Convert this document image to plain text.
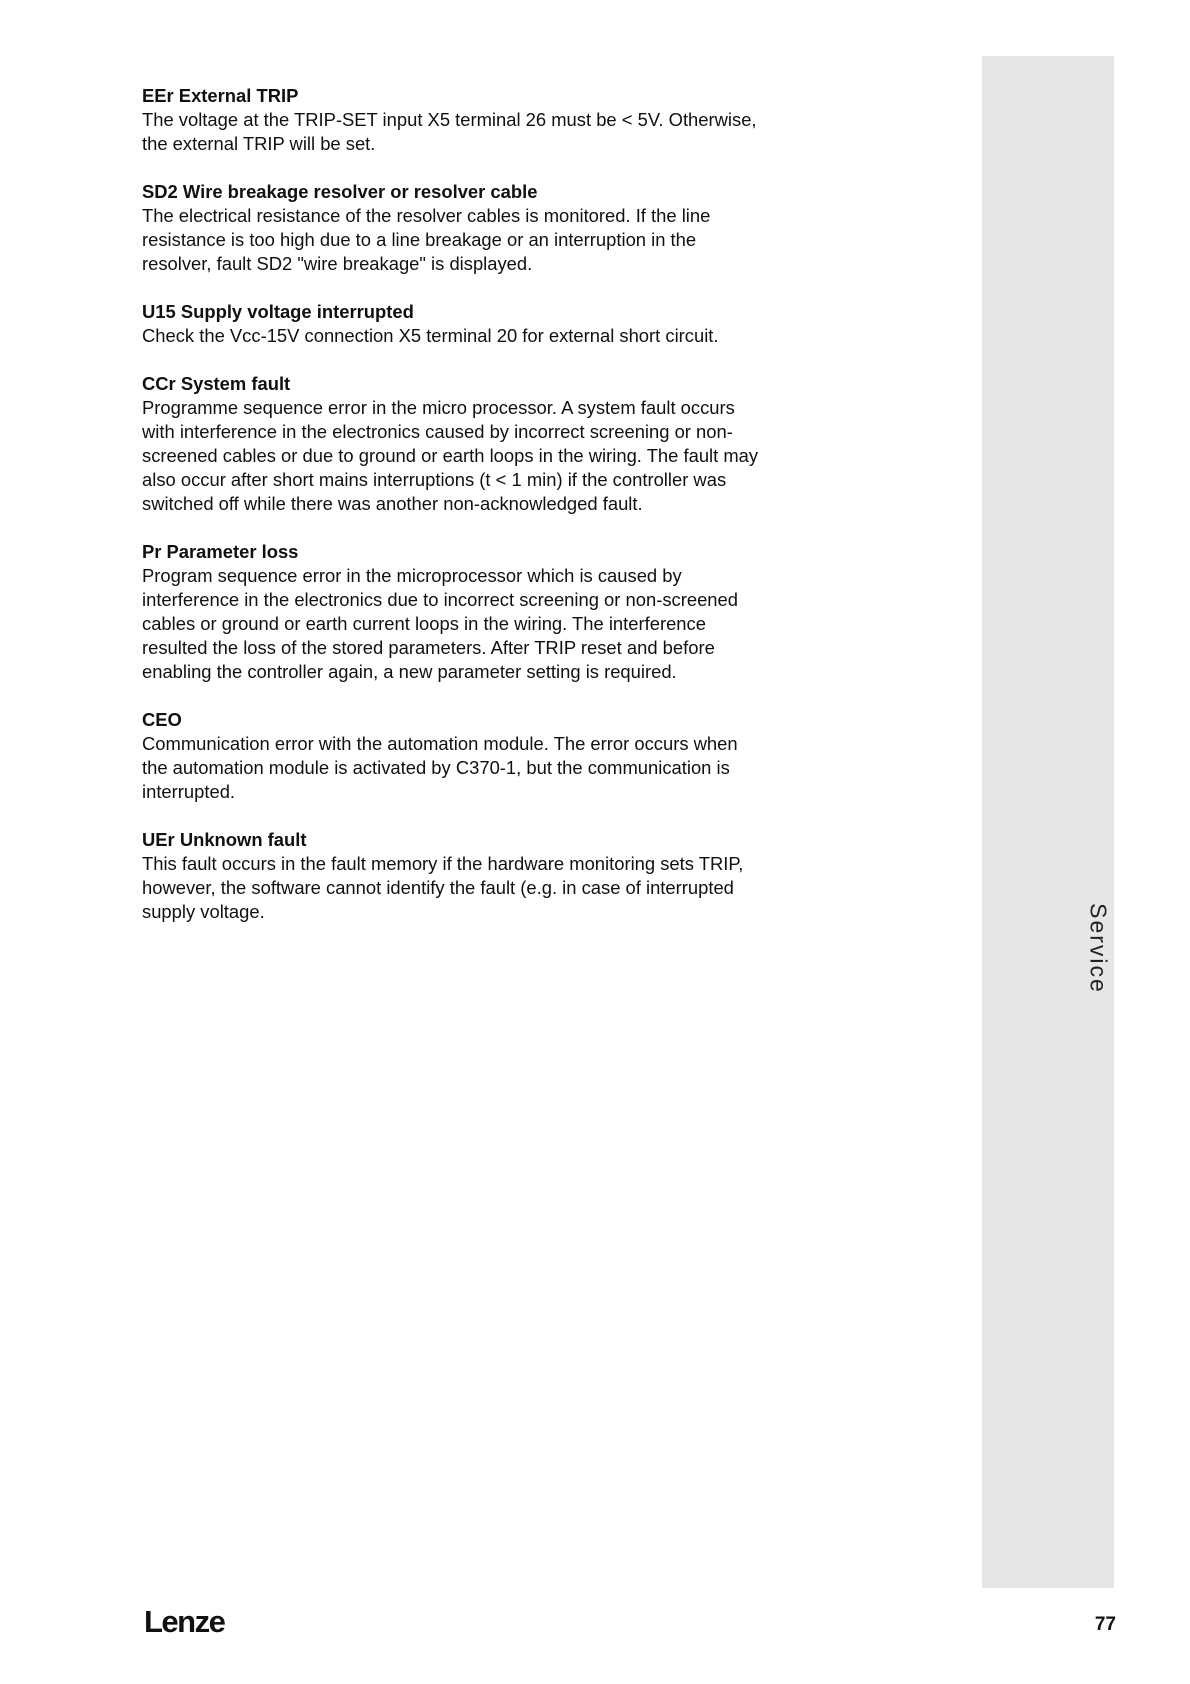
Service

EEr External TRIP

The voltage at the TRIP-SET input X5 terminal 26 must be < 5V. Otherwise, the external TRIP will be set.

SD2 Wire breakage resolver or resolver cable

The electrical resistance of the resolver cables is monitored. If the line resistance is too high due to a line breakage or an interruption in the resolver, fault SD2 "wire breakage" is displayed.

U15 Supply voltage interrupted

Check the Vcc-15V connection X5 terminal 20 for external short circuit.

CCr System fault

Programme sequence error in the micro processor. A system fault occurs with interference in the electronics caused by incorrect screening or non-screened cables or due to ground or earth loops in the wiring. The fault may also occur after short mains interruptions (t < 1 min) if the controller was switched off while there was another non-acknowledged fault.

Pr Parameter loss

Program sequence error in the microprocessor which is caused by interference in the electronics due to incorrect screening or non-screened cables or ground or earth current loops in the wiring. The interference resulted the loss of the stored parameters. After TRIP reset and before enabling the controller again, a new parameter setting is required.

CEO

Communication error with the automation module. The error occurs when the automation module is activated by C370-1, but the communication is interrupted.

UEr Unknown fault

This fault occurs in the fault memory if the hardware monitoring sets TRIP, however, the software cannot identify the fault (e.g. in case of interrupted supply voltage.

Lenze	77
